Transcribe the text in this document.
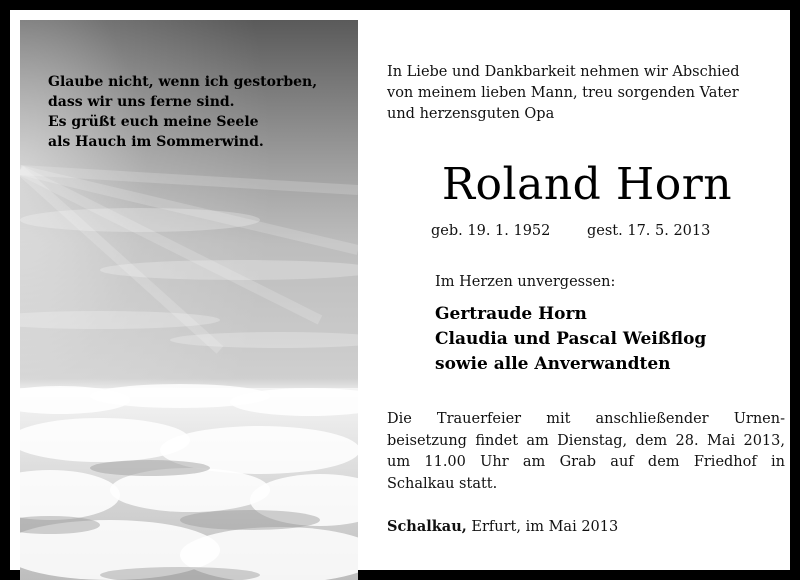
Glaube nicht, wenn ich gestorben,
dass wir uns ferne sind.
Es grüßt euch meine Seele
als Hauch im Sommerwind.
In Liebe und Dankbarkeit nehmen wir Abschied
von meinem lieben Mann, treu sorgenden Vater
und herzensguten Opa
Roland Horn
geb. 19. 1. 1952	gest. 17. 5. 2013
Im Herzen unvergessen:
Gertraude Horn
Claudia und Pascal Weißflog
sowie alle Anverwandten
Die Trauerfeier mit anschließender Urnen-
beisetzung findet am Dienstag, dem 28. Mai 2013,
um 11.00 Uhr am Grab auf dem Friedhof in
Schalkau statt.
Schalkau, Erfurt, im Mai 2013
